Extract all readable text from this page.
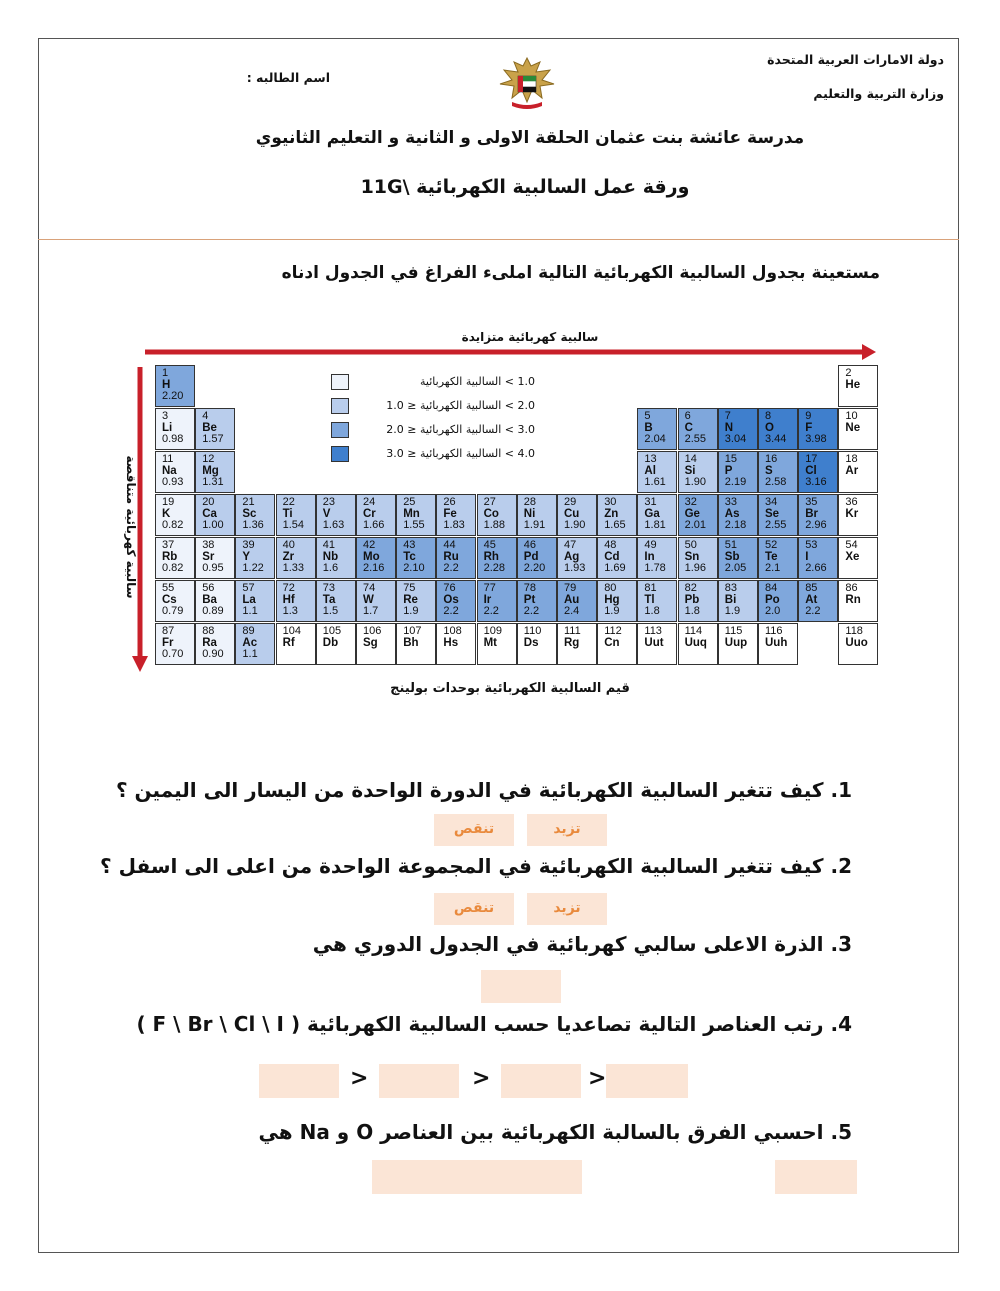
دولة الامارات العربية المتحدة
وزارة التربية والتعليم
اسم الطالبه :
مدرسة عائشة بنت عثمان الحلقة الاولى و الثانية و التعليم الثانيوي
ورقة عمل السالبية الكهربائية \11G
مستعينة بجدول السالبية الكهربائية التالية املىء الفراغ في الجدول ادناه
سالبية كهربائية متزايدة
سالبية كهربائية متناقصة
1.0 > السالبية الكهربائية
2.0 > السالبية الكهربائية ≤ 1.0
3.0 > السالبية الكهربائية ≤ 2.0
4.0 > السالبية الكهربائية ≤ 3.0
1
H
2.20
2
He
3
Li
0.98
4
Be
1.57
5
B
2.04
6
C
2.55
7
N
3.04
8
O
3.44
9
F
3.98
10
Ne
11
Na
0.93
12
Mg
1.31
13
Al
1.61
14
Si
1.90
15
P
2.19
16
S
2.58
17
Cl
3.16
18
Ar
19
K
0.82
20
Ca
1.00
21
Sc
1.36
22
Ti
1.54
23
V
1.63
24
Cr
1.66
25
Mn
1.55
26
Fe
1.83
27
Co
1.88
28
Ni
1.91
29
Cu
1.90
30
Zn
1.65
31
Ga
1.81
32
Ge
2.01
33
As
2.18
34
Se
2.55
35
Br
2.96
36
Kr
37
Rb
0.82
38
Sr
0.95
39
Y
1.22
40
Zr
1.33
41
Nb
1.6
42
Mo
2.16
43
Tc
2.10
44
Ru
2.2
45
Rh
2.28
46
Pd
2.20
47
Ag
1.93
48
Cd
1.69
49
In
1.78
50
Sn
1.96
51
Sb
2.05
52
Te
2.1
53
I
2.66
54
Xe
55
Cs
0.79
56
Ba
0.89
57
La
1.1
72
Hf
1.3
73
Ta
1.5
74
W
1.7
75
Re
1.9
76
Os
2.2
77
Ir
2.2
78
Pt
2.2
79
Au
2.4
80
Hg
1.9
81
Tl
1.8
82
Pb
1.8
83
Bi
1.9
84
Po
2.0
85
At
2.2
86
Rn
87
Fr
0.70
88
Ra
0.90
89
Ac
1.1
104
Rf
105
Db
106
Sg
107
Bh
108
Hs
109
Mt
110
Ds
111
Rg
112
Cn
113
Uut
114
Uuq
115
Uup
116
Uuh
118
Uuo
قيم السالبية الكهربائية بوحدات بولينج
1. كيف تتغير السالبية الكهربائية في الدورة الواحدة من اليسار الى اليمين ؟
تزيد
تنقص
2. كيف تتغير السالبية الكهربائية في المجموعة الواحدة من اعلى الى اسفل ؟
تزيد
تنقص
3. الذرة الاعلى سالبي كهربائية في الجدول الدوري هي
4. رتب العناصر التالية تصاعديا حسب السالبية الكهربائية ( F \ Br \ Cl \ I )
>
>
>
5. احسبي الفرق بالسالبة الكهربائية بين العناصر O و Na هي
